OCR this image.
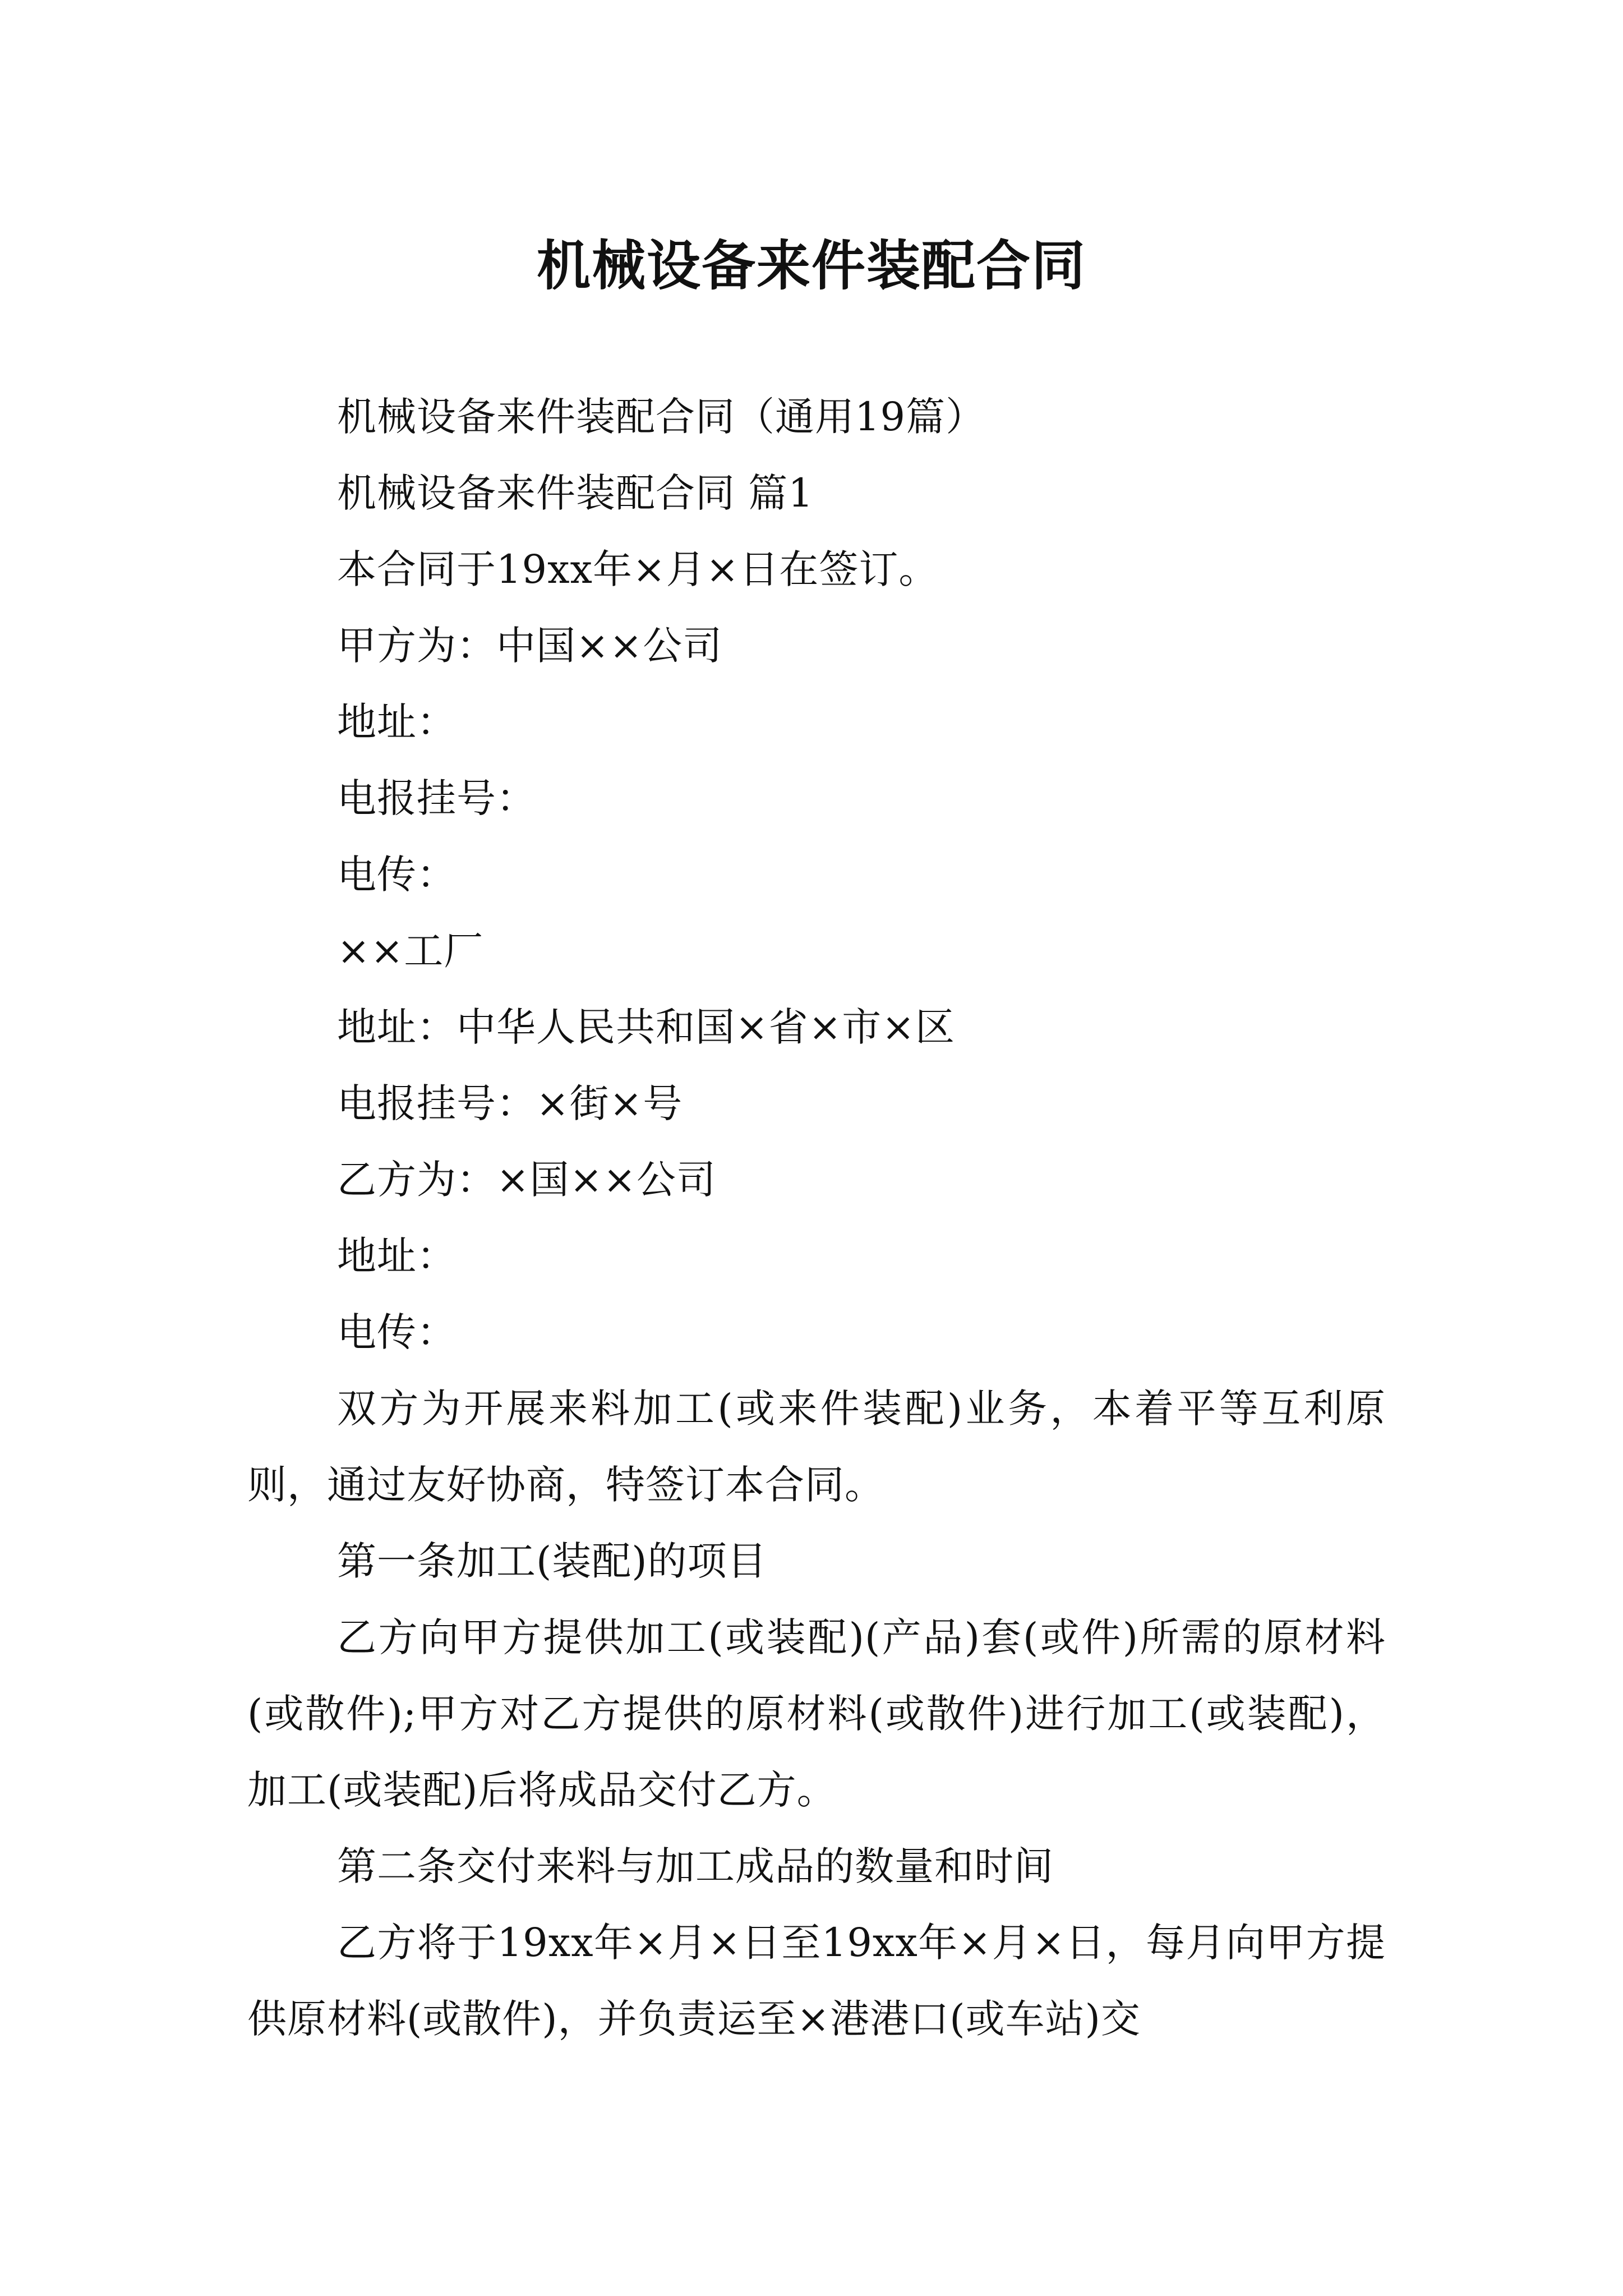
机械设备来件装配合同

机械设备来件装配合同（通用19篇）

机械设备来件装配合同 篇1

本合同于19xx年×月×日在签订。

甲方为：中国××公司

地址：

电报挂号：

电传：

××工厂

地址：中华人民共和国×省×市×区

电报挂号：×街×号

乙方为：×国××公司

地址：

电传：

双方为开展来料加工(或来件装配)业务，本着平等互利原则，通过友好协商，特签订本合同。

第一条加工(装配)的项目

乙方向甲方提供加工(或装配)(产品)套(或件)所需的原材料(或散件);甲方对乙方提供的原材料(或散件)进行加工(或装配)，加工(或装配)后将成品交付乙方。

第二条交付来料与加工成品的数量和时间

乙方将于19xx年×月×日至19xx年×月×日，每月向甲方提供原材料(或散件)，并负责运至×港港口(或车站)交
